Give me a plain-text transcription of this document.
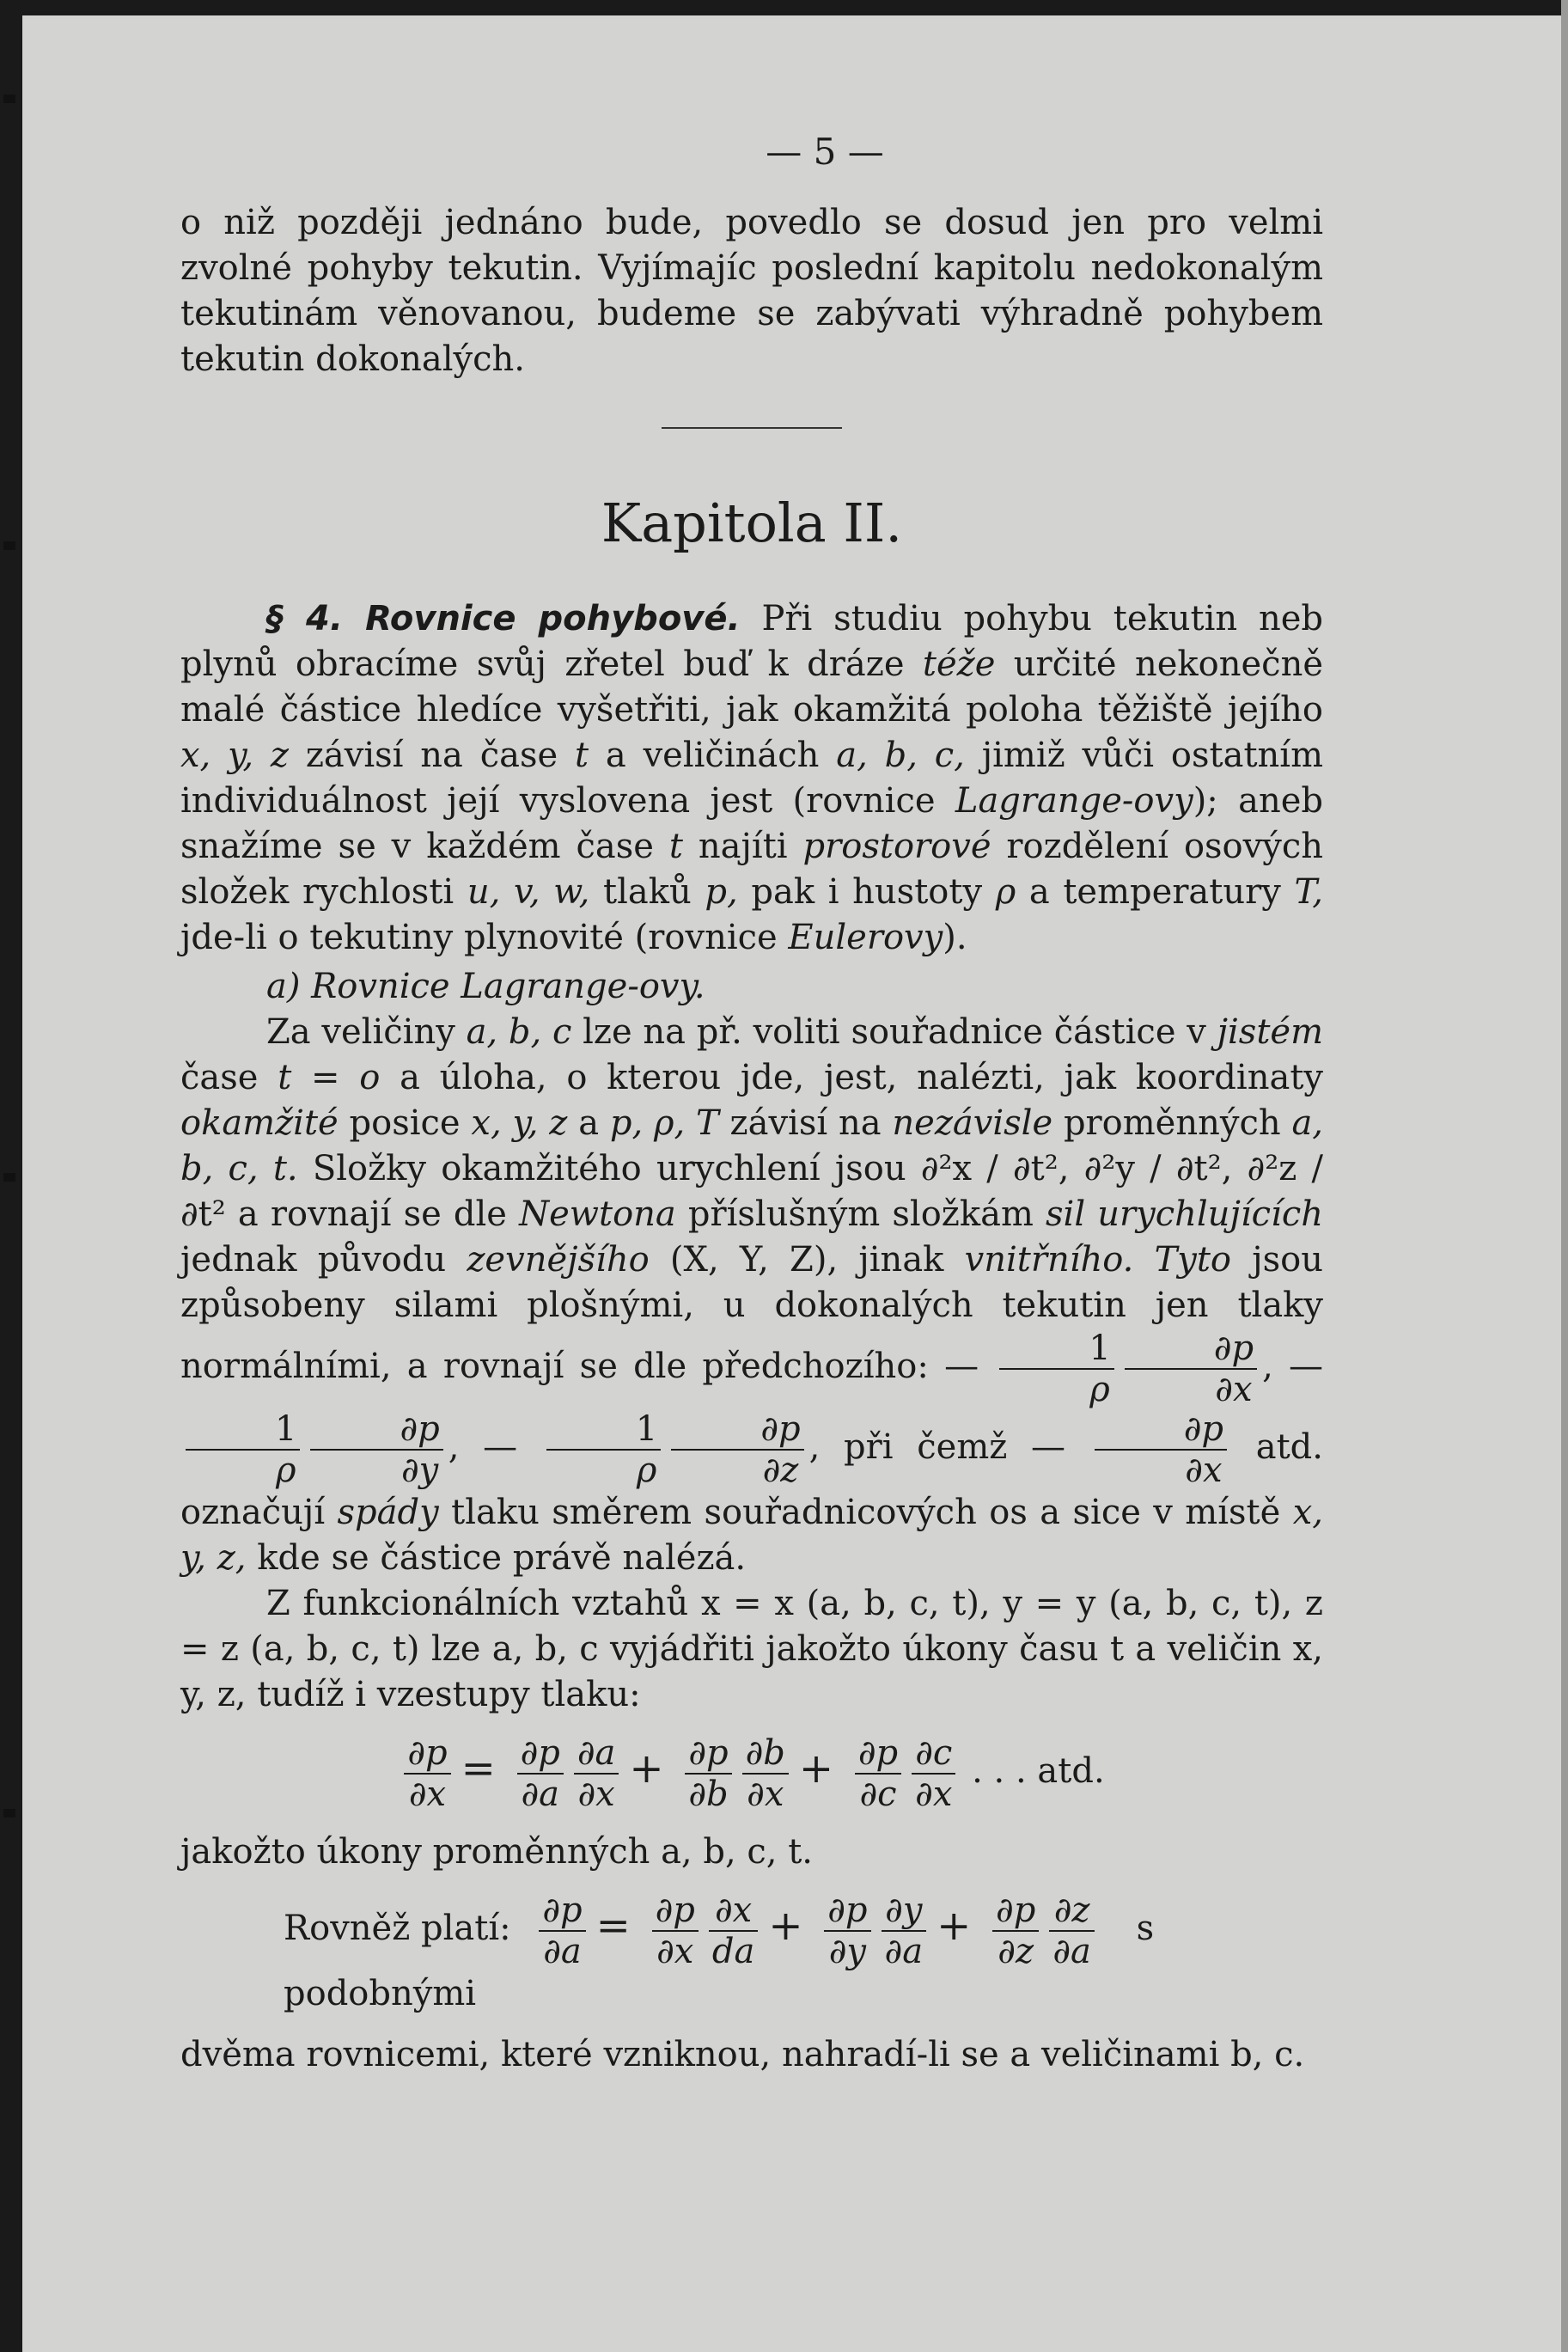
— 5 —

o niž později jednáno bude, povedlo se dosud jen pro velmi zvolné pohyby tekutin. Vyjímajíc poslední kapitolu nedokonalým tekutinám věnovanou, budeme se zabývati výhradně pohybem tekutin dokonalých.

Kapitola II.

§ 4. Rovnice pohybové. Při studiu pohybu tekutin neb plynů obracíme svůj zřetel buď k dráze téže určité nekonečně malé částice hledíce vyšetřiti, jak okamžitá poloha těžiště jejího x, y, z závisí na čase t a veličinách a, b, c, jimiž vůči ostatním individuálnost její vyslovena jest (rovnice Lagrange-ovy); aneb snažíme se v každém čase t najíti prostorové rozdělení osových složek rychlosti u, v, w, tlaků p, pak i hustoty ρ a temperatury T, jde-li o tekutiny plynovité (rovnice Eulerovy).

a) Rovnice Lagrange-ovy.

Za veličiny a, b, c lze na př. voliti souřadnice částice v jistém čase t = o a úloha, o kterou jde, jest, nalézti, jak koordinaty okamžité posice x, y, z a p, ρ, T závisí na nezávisle proměnných a, b, c, t. Složky okamžitého urychlení jsou ∂²x / ∂t², ∂²y / ∂t², ∂²z / ∂t² a rovnají se dle Newtona příslušným složkám sil urychlujících jednak původu zevnějšího (X, Y, Z), jinak vnitřního. Tyto jsou způsobeny silami plošnými, u dokonalých tekutin jen tlaky normálními, a rovnají se dle předchozího: — $\frac{1}{\rho} \frac{\partial p}{\partial x}$ , —
$\frac{1}{\rho} \frac{\partial p}{\partial y}$ , — $\frac{1}{\rho} \frac{\partial p}{\partial z}$ , při čemž — $\frac{\partial p}{\partial x}$ atd. označují spády tlaku směrem souřadnicových os a sice v místě x, y, z, kde se částice právě nalézá.

Z funkcionálních vztahů x = x (a, b, c, t), y = y (a, b, c, t), z = z (a, b, c, t) lze a, b, c vyjádřiti jakožto úkony času t a veličin x, y, z, tudíž i vzestupy tlaku:

$\frac{\partial p}{\partial x} = \frac{\partial p}{\partial a} \frac{\partial a}{\partial x} + \frac{\partial p}{\partial b} \frac{\partial b}{\partial x} + \frac{\partial p}{\partial c} \frac{\partial c}{\partial x}$ . . . atd.

jakožto úkony proměnných a, b, c, t.

Rovněž platí: $\frac{\partial p}{\partial a} = \frac{\partial p}{\partial x} \frac{\partial x}{da} + \frac{\partial p}{\partial y} \frac{\partial y}{\partial a} + \frac{\partial p}{\partial z} \frac{\partial z}{\partial a}$ s podobnými

dvěma rovnicemi, které vzniknou, nahradí-li se a veličinami b, c.
